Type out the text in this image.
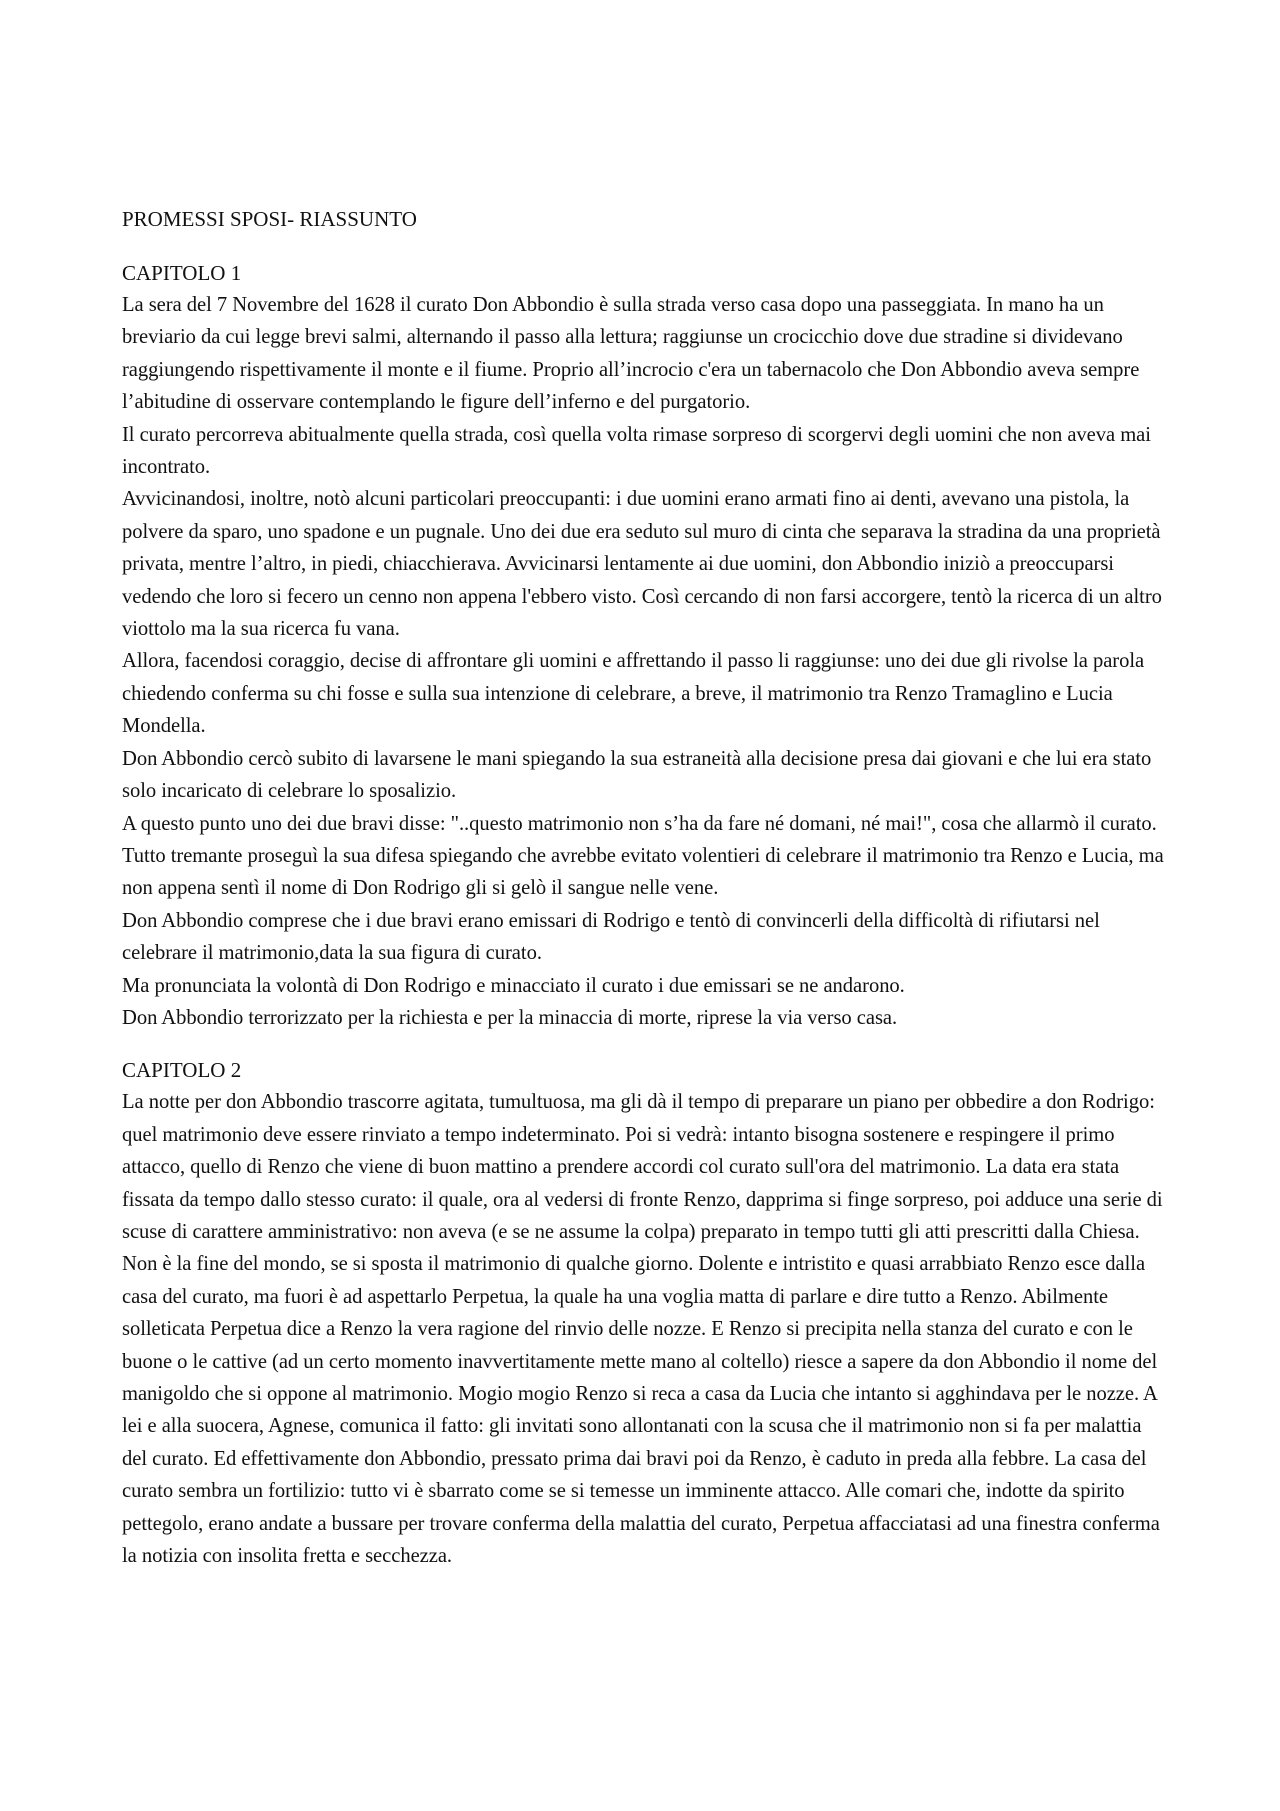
PROMESSI SPOSI- RIASSUNTO
CAPITOLO 1

La sera del 7 Novembre del 1628 il curato Don Abbondio è sulla strada verso casa dopo una passeggiata. In mano ha un breviario da cui legge brevi salmi, alternando il passo alla lettura; raggiunse un crocicchio dove due stradine si dividevano raggiungendo rispettivamente il monte e il fiume. Proprio all’incrocio c'era un tabernacolo che Don Abbondio aveva sempre l’abitudine di osservare contemplando le figure dell’inferno e del purgatorio.

Il curato percorreva abitualmente quella strada, così quella volta rimase sorpreso di scorgervi degli uomini che non aveva mai incontrato.

Avvicinandosi, inoltre, notò alcuni particolari preoccupanti: i due uomini erano armati fino ai denti, avevano una pistola, la polvere da sparo, uno spadone e un pugnale. Uno dei due era seduto sul muro di cinta che separava la stradina da una proprietà privata, mentre l’altro, in piedi, chiacchierava. Avvicinarsi lentamente ai due uomini, don Abbondio iniziò a preoccuparsi vedendo che loro si fecero un cenno non appena l'ebbero visto. Così cercando di non farsi accorgere, tentò la ricerca di un altro viottolo ma la sua ricerca fu vana.

Allora, facendosi coraggio, decise di affrontare gli uomini e affrettando il passo li raggiunse: uno dei due gli rivolse la parola chiedendo conferma su chi fosse e sulla sua intenzione di celebrare, a breve, il matrimonio tra Renzo Tramaglino e Lucia Mondella.

Don Abbondio cercò subito di lavarsene le mani spiegando la sua estraneità alla decisione presa dai giovani e che lui era stato solo incaricato di celebrare lo sposalizio.

A questo punto uno dei due bravi disse: "..questo matrimonio non s’ha da fare né domani, né mai!", cosa che allarmò il curato. Tutto tremante proseguì la sua difesa spiegando che avrebbe evitato volentieri di celebrare il matrimonio tra Renzo e Lucia, ma non appena sentì il nome di Don Rodrigo gli si gelò il sangue nelle vene.

Don Abbondio comprese che i due bravi erano emissari di Rodrigo e tentò di convincerli della difficoltà di rifiutarsi nel celebrare il matrimonio,data la sua figura di curato.

Ma pronunciata la volontà di Don Rodrigo e minacciato il curato i due emissari se ne andarono.

Don Abbondio terrorizzato per la richiesta e per la minaccia di morte, riprese la via verso casa.

CAPITOLO 2

La notte per don Abbondio trascorre agitata, tumultuosa, ma gli dà il tempo di preparare un piano per obbedire a don Rodrigo: quel matrimonio deve essere rinviato a tempo indeterminato. Poi si vedrà: intanto bisogna sostenere e respingere il primo attacco, quello di Renzo che viene di buon mattino a prendere accordi col curato sull'ora del matrimonio. La data era stata fissata da tempo dallo stesso curato: il quale, ora al vedersi di fronte Renzo, dapprima si finge sorpreso, poi adduce una serie di scuse di carattere amministrativo: non aveva (e se ne assume la colpa) preparato in tempo tutti gli atti prescritti dalla Chiesa. Non è la fine del mondo, se si sposta il matrimonio di qualche giorno. Dolente e intristito e quasi arrabbiato Renzo esce dalla casa del curato, ma fuori è ad aspettarlo Perpetua, la quale ha una voglia matta di parlare e dire tutto a Renzo. Abilmente solleticata Perpetua dice a Renzo la vera ragione del rinvio delle nozze. E Renzo si precipita nella stanza del curato e con le buone o le cattive (ad un certo momento inavvertitamente mette mano al coltello) riesce a sapere da don Abbondio il nome del manigoldo che si oppone al matrimonio. Mogio mogio Renzo si reca a casa da Lucia che intanto si agghindava per le nozze. A lei e alla suocera, Agnese, comunica il fatto: gli invitati sono allontanati con la scusa che il matrimonio non si fa per malattia del curato. Ed effettivamente don Abbondio, pressato prima dai bravi poi da Renzo, è caduto in preda alla febbre. La casa del curato sembra un fortilizio: tutto vi è sbarrato come se si temesse un imminente attacco. Alle comari che, indotte da spirito pettegolo, erano andate a bussare per trovare conferma della malattia del curato, Perpetua affacciatasi ad una finestra conferma la notizia con insolita fretta e secchezza.
